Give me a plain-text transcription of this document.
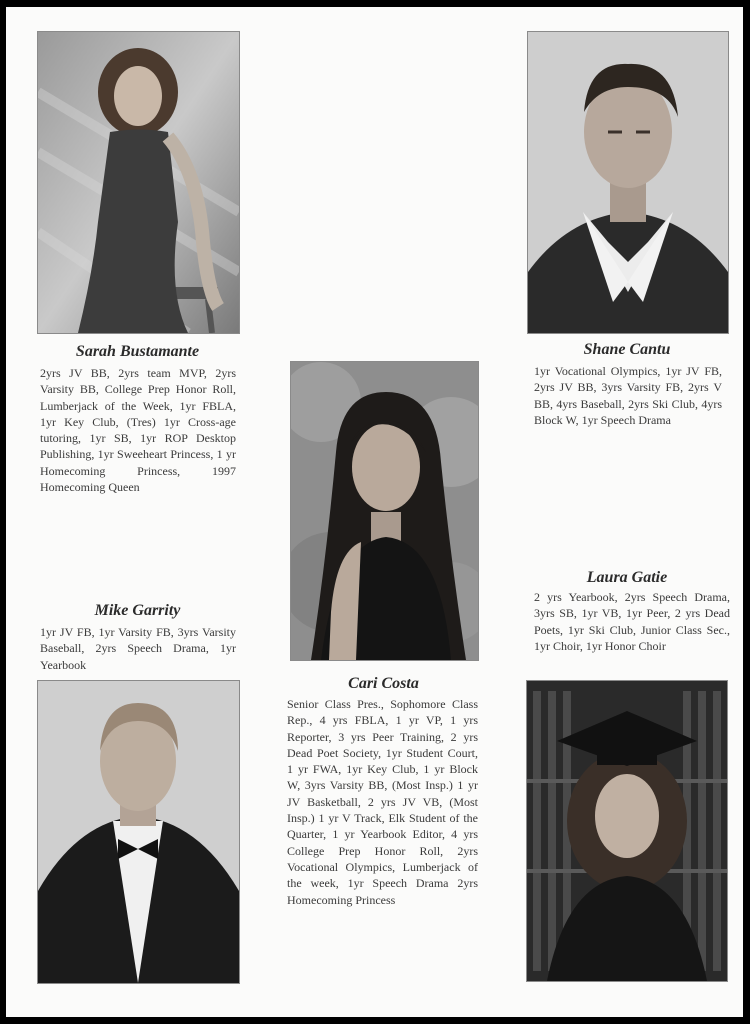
Sarah Bustamante
2yrs JV BB, 2yrs team MVP, 2yrs Varsity BB, College Prep Honor Roll, Lumberjack of the Week, 1yr FBLA, 1yr Key Club, (Tres) 1yr Cross-age tutoring, 1yr SB, 1yr ROP Desktop Publishing, 1yr Sweeheart Princess, 1 yr Homecoming Princess, 1997 Homecoming Queen
Shane Cantu
1yr Vocational Olympics, 1yr JV FB, 2yrs JV BB, 3yrs Varsity FB, 2yrs V BB, 4yrs Baseball, 2yrs Ski Club, 4yrs Block W, 1yr Speech Drama
Cari Costa
Senior Class Pres., Sophomore Class Rep., 4 yrs FBLA, 1 yr VP, 1 yrs Reporter, 3 yrs Peer Training, 2 yrs Dead Poet Society, 1yr Student Court, 1 yr FWA, 1yr Key Club, 1 yr Block W, 3yrs Varsity BB, (Most Insp.) 1 yr JV Basketball, 2 yrs JV VB, (Most Insp.) 1 yr V Track, Elk Student of the Quarter, 1 yr Yearbook Editor, 4 yrs College Prep Honor Roll, 2yrs Vocational Olympics, Lumberjack of the week, 1yr Speech Drama 2yrs Homecoming Princess
Mike Garrity
1yr JV FB, 1yr Varsity FB, 3yrs Varsity Baseball, 2yrs Speech Drama, 1yr Yearbook
Laura Gatie
2 yrs Yearbook, 2yrs Speech Drama, 3yrs SB, 1yr VB, 1yr Peer, 2 yrs Dead Poets, 1yr Ski Club, Junior Class Sec., 1yr Choir, 1yr Honor Choir
